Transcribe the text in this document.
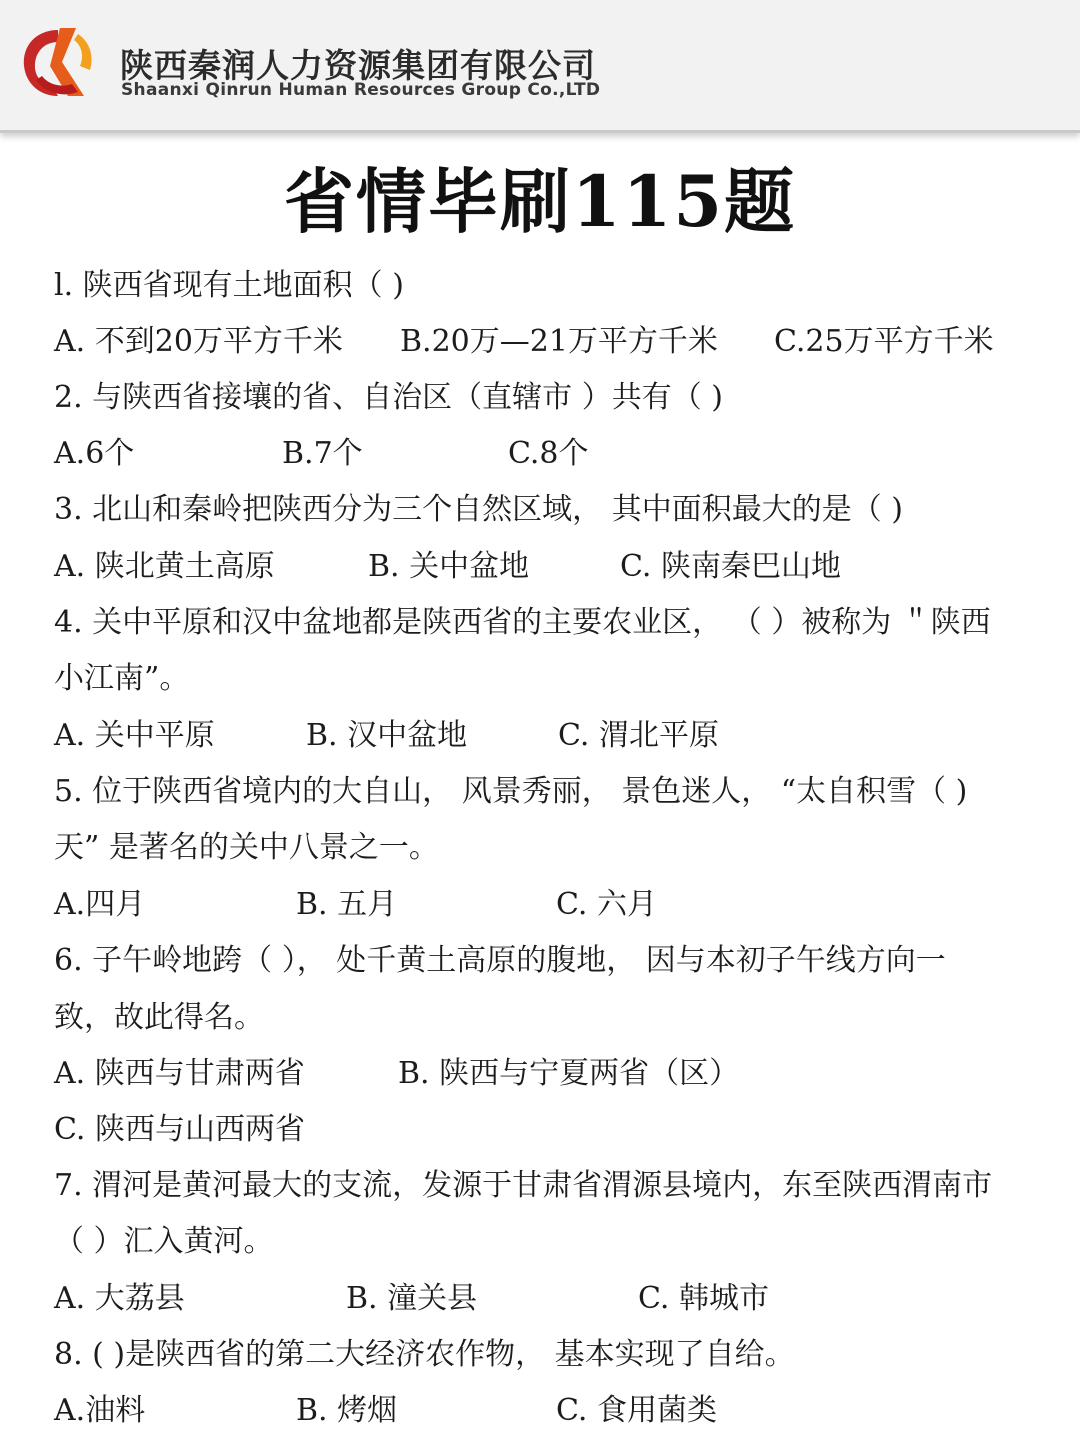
陕西秦润人力资源集团有限公司
Shaanxi Qinrun Human Resources Group Co.,LTD
省情毕刷115题
l. 陕西省现有土地面积（ )
A. 不到20万平方千米 B.20万—21万平方千米 C.25万平方千米
2. 与陕西省接壤的省、自治区（直辖市 ）共有（ )
A.6个	B.7个	C.8个
3. 北山和秦岭把陕西分为三个自然区域， 其中面积最大的是（ )
A. 陕北黄土高原	B. 关中盆地	C. 陕南秦巴山地
4. 关中平原和汉中盆地都是陕西省的主要农业区， （ ）被称为 ＂陕西
小江南”。
A. 关中平原	B. 汉中盆地	C. 渭北平原
5. 位于陕西省境内的大自山， 风景秀丽， 景色迷人， “太自积雪（ )
天” 是著名的关中八景之一。
A.四月	B. 五月	C. 六月
6. 子午岭地跨（ ）， 处千黄土高原的腹地， 因与本初子午线方向一
致，故此得名。
A. 陕西与甘肃两省	B. 陕西与宁夏两省（区）
C. 陕西与山西两省
7. 渭河是黄河最大的支流，发源于甘肃省渭源县境内，东至陕西渭南市
（ ）汇入黄河。
A. 大荔县	B. 潼关县	C. 韩城市
8. ( )是陕西省的第二大经济农作物， 基本实现了自给。
A.油料	B. 烤烟	C. 食用菌类
